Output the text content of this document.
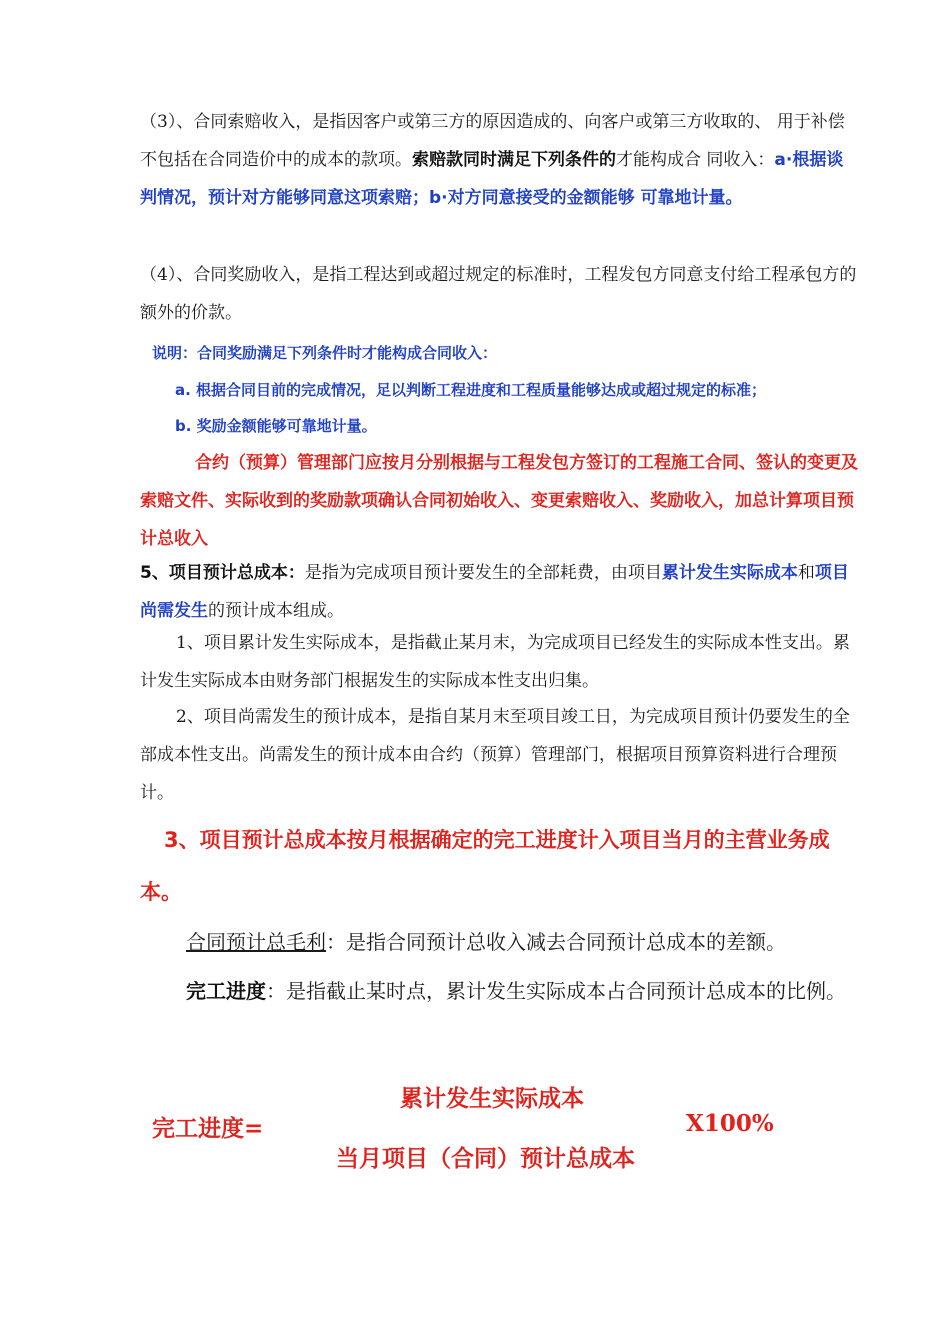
（3）、合同索赔收入，是指因客户或第三方的原因造成的、向客户或第三方收取的、 用于补偿不包括在合同造价中的成本的款项。索赔款同时满足下列条件的才能构成合 同收入：a·根据谈判情况，预计对方能够同意这项索赔；b·对方同意接受的金额能够 可靠地计量。

（4）、合同奖励收入，是指工程达到或超过规定的标准时，工程发包方同意支付给工程承包方的额外的价款。

说明：合同奖励满足下列条件时才能构成合同收入：
a. 根据合同目前的完成情况，足以判断工程进度和工程质量能够达成或超过规定的标准；
b. 奖励金额能够可靠地计量。

合约（预算）管理部门应按月分别根据与工程发包方签订的工程施工合同、签认的变更及索赔文件、实际收到的奖励款项确认合同初始收入、变更索赔收入、奖励收入，加总计算项目预计总收入

5、项目预计总成本：是指为完成项目预计要发生的全部耗费，由项目累计发生实际成本和项目尚需发生的预计成本组成。

1、项目累计发生实际成本，是指截止某月末，为完成项目已经发生的实际成本性支出。累计发生实际成本由财务部门根据发生的实际成本性支出归集。

2、项目尚需发生的预计成本，是指自某月末至项目竣工日，为完成项目预计仍要发生的全部成本性支出。尚需发生的预计成本由合约（预算）管理部门，根据项目预算资料进行合理预计。

3、项目预计总成本按月根据确定的完工进度计入项目当月的主营业务成本。

合同预计总毛利：是指合同预计总收入减去合同预计总成本的差额。

完工进度：是指截止某时点，累计发生实际成本占合同预计总成本的比例。

累计发生实际成本
完工进度=	X100%
当月项目（合同）预计总成本
